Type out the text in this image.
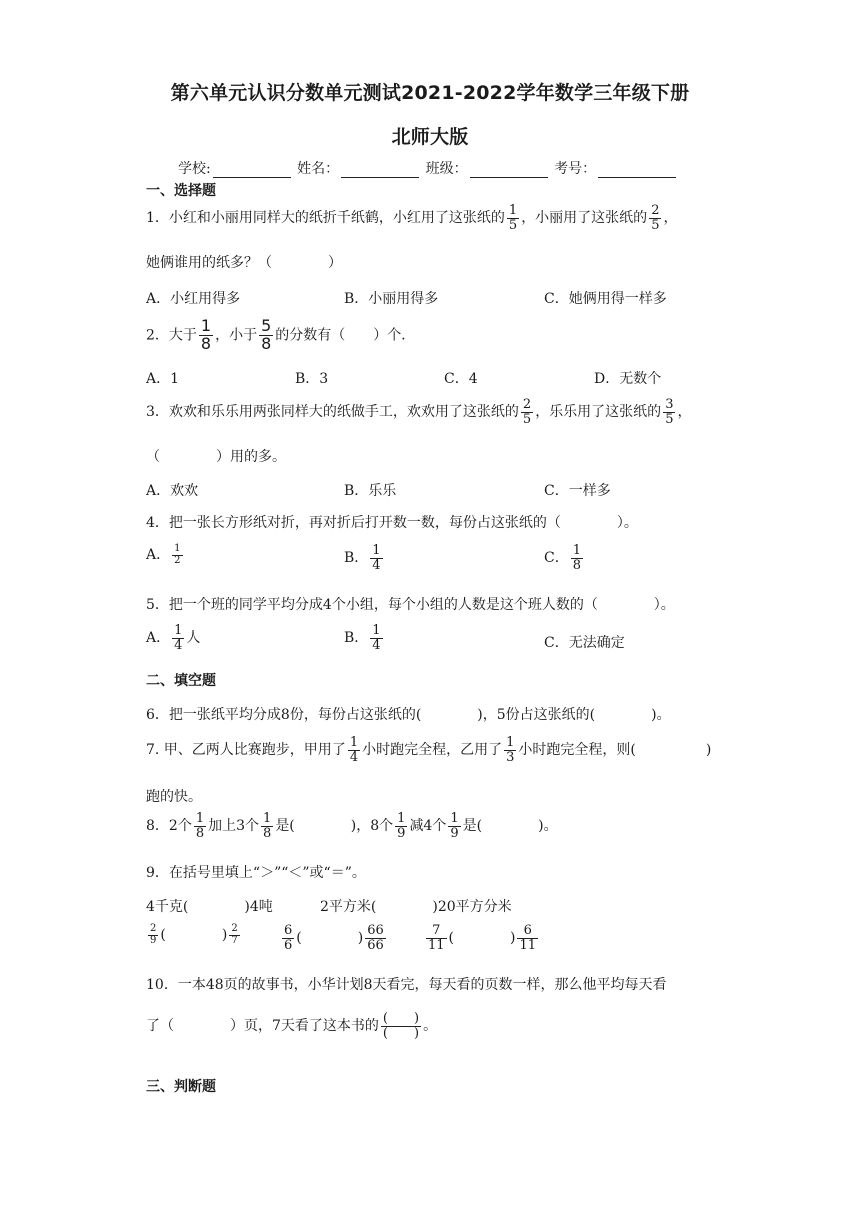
第六单元认识分数单元测试2021-2022学年数学三年级下册
北师大版
学校:	姓名：	班级：	考号：
一、选择题
1．小红和小丽用同样大的纸折千纸鹤，小红用了这张纸的 $\frac{1}{5}$ ，小丽用了这张纸的 $\frac{2}{5}$ ，
她俩谁用的纸多？（　　　　）
A．小红用得多	B．小丽用得多	C．她俩用得一样多
2．大于 $\frac{1}{8}$ ，小于 $\frac{5}{8}$ 的分数有（　　）个．
A．1	B．3	C．4	D．无数个
3．欢欢和乐乐用两张同样大的纸做手工，欢欢用了这张纸的 $\frac{2}{5}$ ，乐乐用了这张纸的 $\frac{3}{5}$ ，
（　　　　）用的多。
A．欢欢	B．乐乐	C．一样多
4．把一张长方形纸对折，再对折后打开数一数，每份占这张纸的（　　　　）。
A． $\frac{1}{2}$	B． $\frac{1}{4}$	C． $\frac{1}{8}$
5．把一个班的同学平均分成4个小组，每个小组的人数是这个班人数的（　　　　）。
A． $\frac{1}{4}$ 人	B． $\frac{1}{4}$	C．无法确定
二、填空题
6．把一张纸平均分成8份，每份占这张纸的(　　　　)，5份占这张纸的(　　　　)。
7. 甲、乙两人比赛跑步，甲用了 $\frac{1}{4}$ 小时跑完全程，乙用了 $\frac{1}{3}$ 小时跑完全程，则(　　　　　)
跑的快。
8．2个 $\frac{1}{8}$ 加上3个 $\frac{1}{8}$ 是(　　　　)，8个 $\frac{1}{9}$ 减4个 $\frac{1}{9}$ 是(　　　　)。
9．在括号里填上“＞”“＜”或“＝”。
4千克(　　　　)4吨	2平方米(　　　　)20平方分米
$\frac{2}{9}$ (　　　　) $\frac{2}{7}$	$\frac{6}{6}$ (　　　　) $\frac{66}{66}$	$\frac{7}{11}$ (　　　　) $\frac{6}{11}$
10．一本48页的故事书，小华计划8天看完，每天看的页数一样，那么他平均每天看
了（　　　　）页，7天看了这本书的 $\frac{( )}{( )}$ 。
三、判断题
